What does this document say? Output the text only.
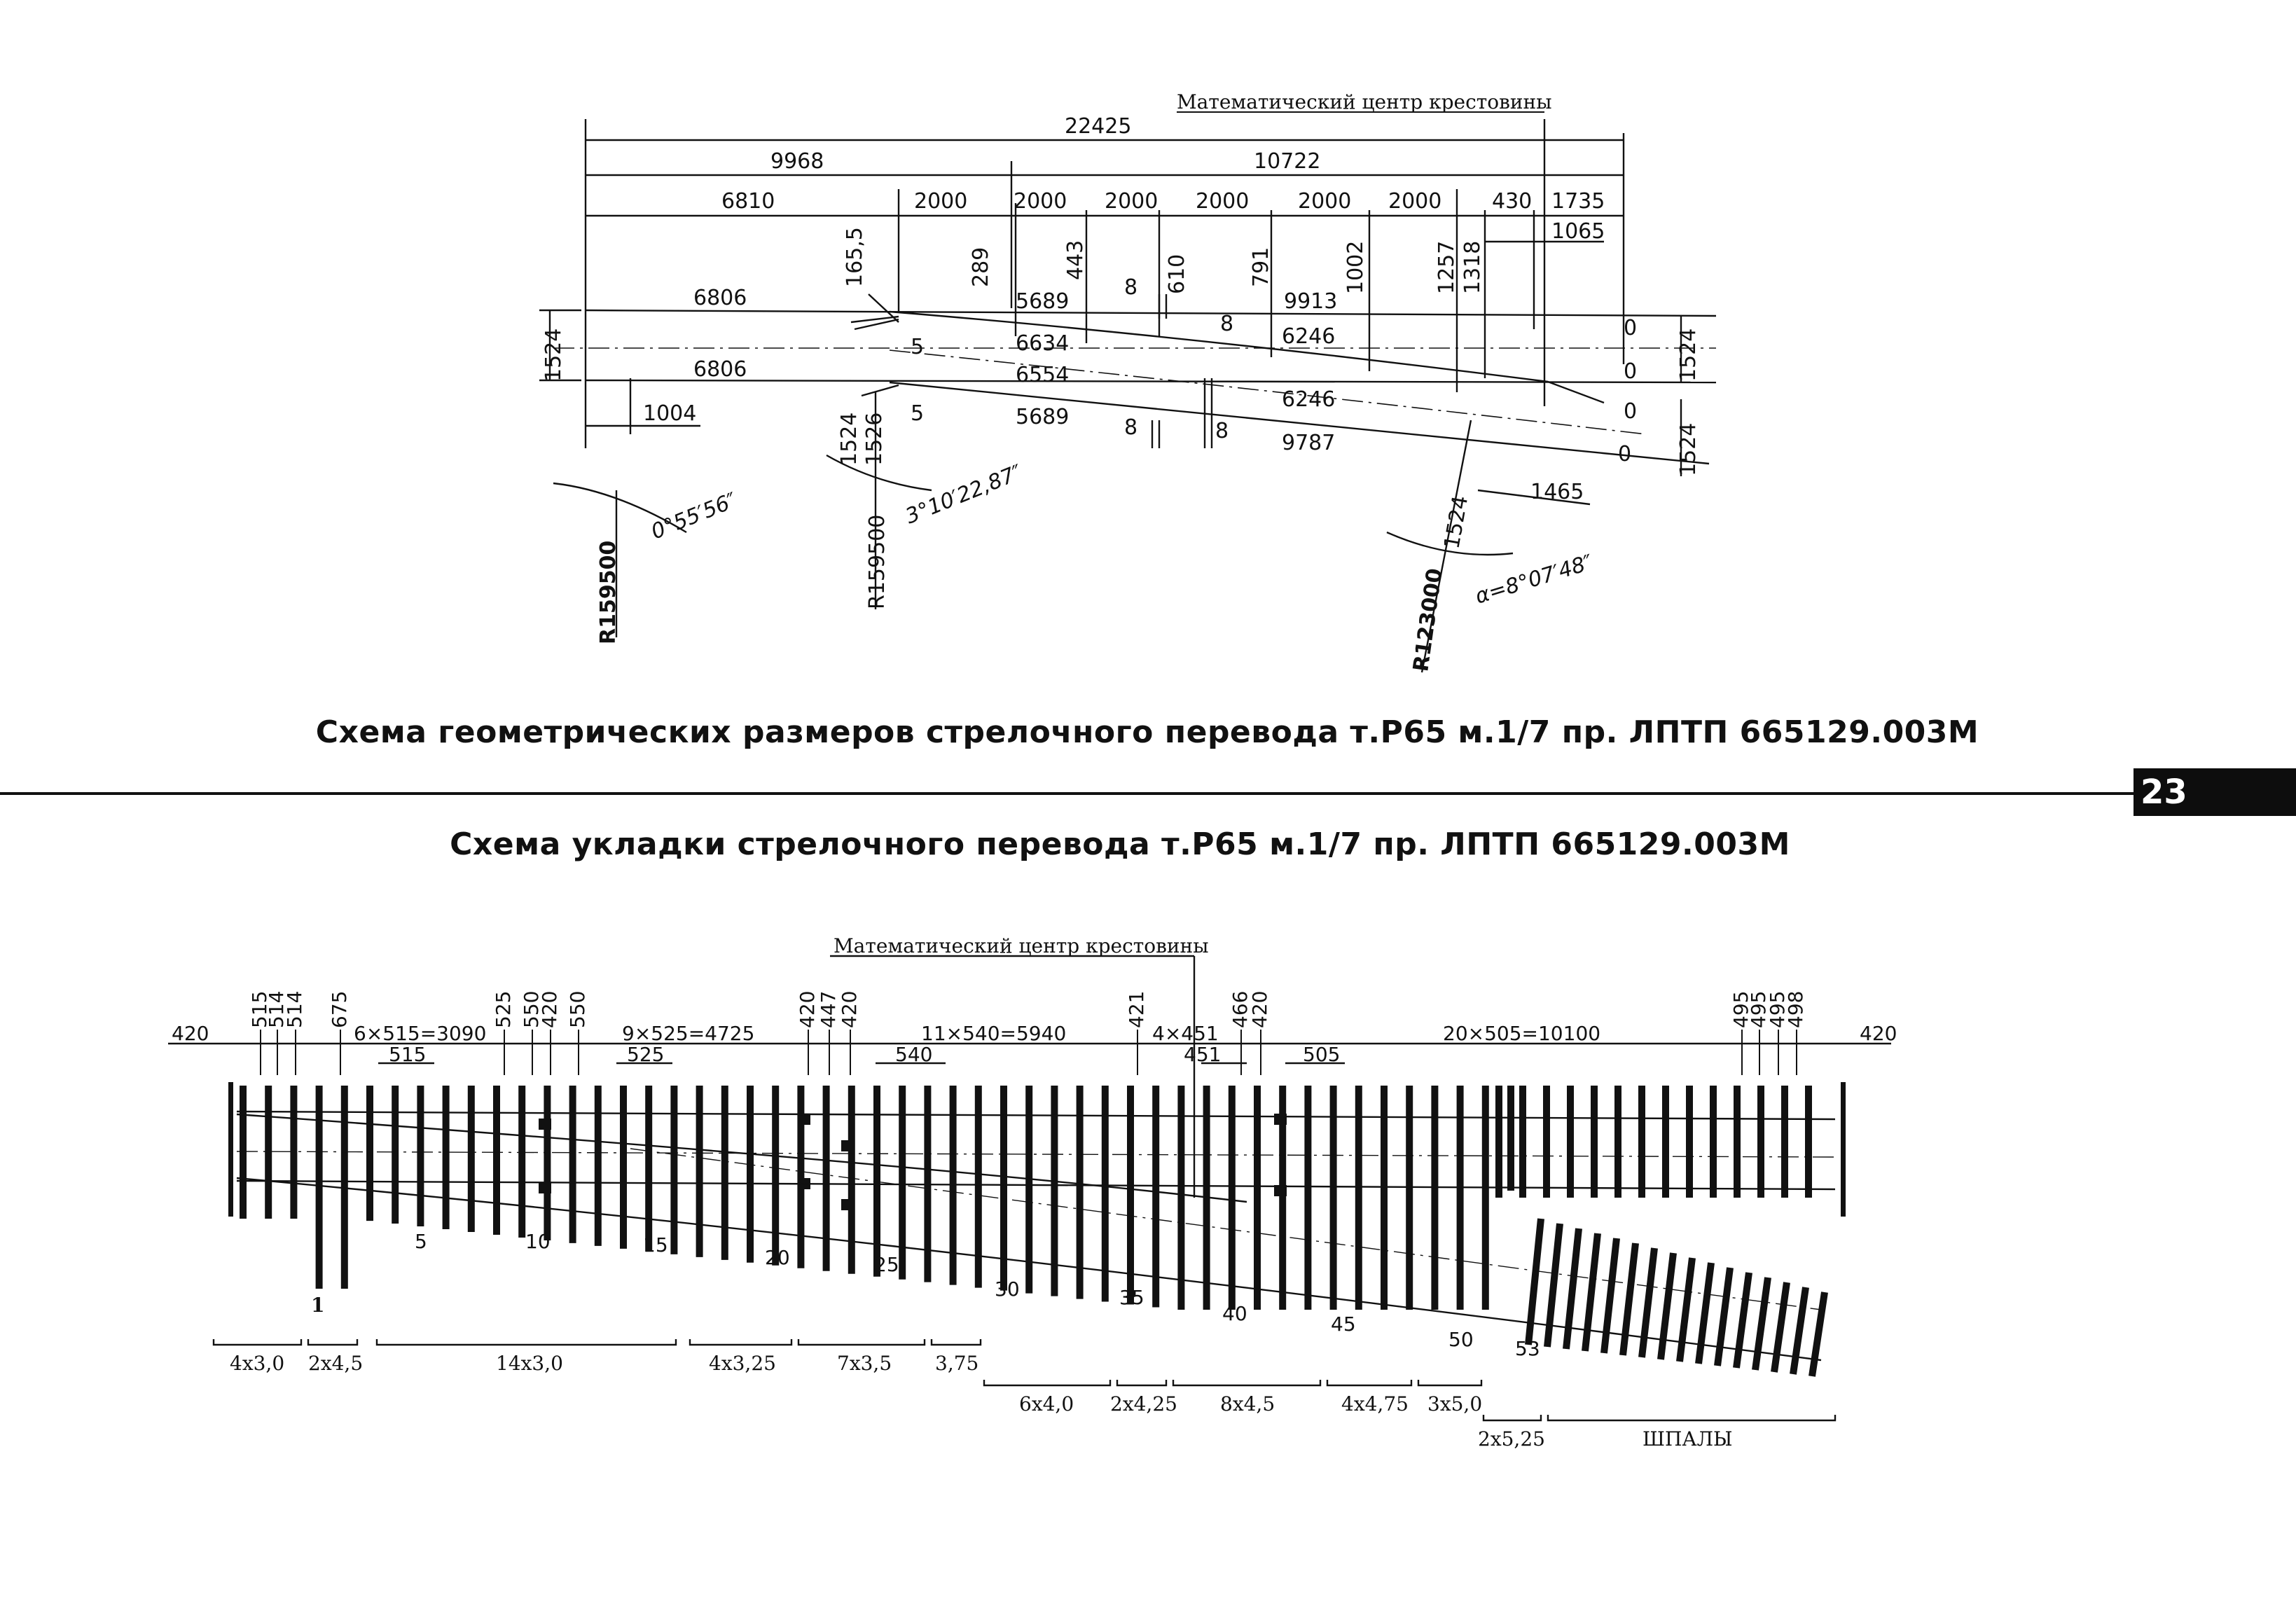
Математический центр крестовины
22425
9968	10722
6810	2000 2000 2000 2000 2000 2000 430 1735
1065
165,5	289	443	610	791	1002	1257 1318
6806	5689	9913
6634	6246
6806	6554
6246
5689
9787
8
8
8	8
5
5
0
0
0
0
1524	1524
1524
1004	1524 1526
1465
1524
0°55′56″	3°10′22,87″
α=8°07′48″
R159500	R159500
R123000
Математический центр крестовины
420	420
515
514
514 675	525 550
420 550	420
447
420	421	466
420	495
495
495
498
6×515=3090	9×525=4725	11×540=5940	4×451	20×505=10100
515	525	540	451	505
1
5	10	15
20	25
30	35
40	45
50 53
4х3,0 2х4,5	14х3,0	4х3,25	7х3,5 3,75
6х4,0 2х4,25 8х4,5	4х4,75 3х5,0
2х5,25	ШПАЛЫ
Схема геометрических размеров стрелочного перевода т.Р65 м.1/7 пр. ЛПТП 665129.003М
23
Схема укладки стрелочного перевода т.Р65 м.1/7 пр. ЛПТП 665129.003М
